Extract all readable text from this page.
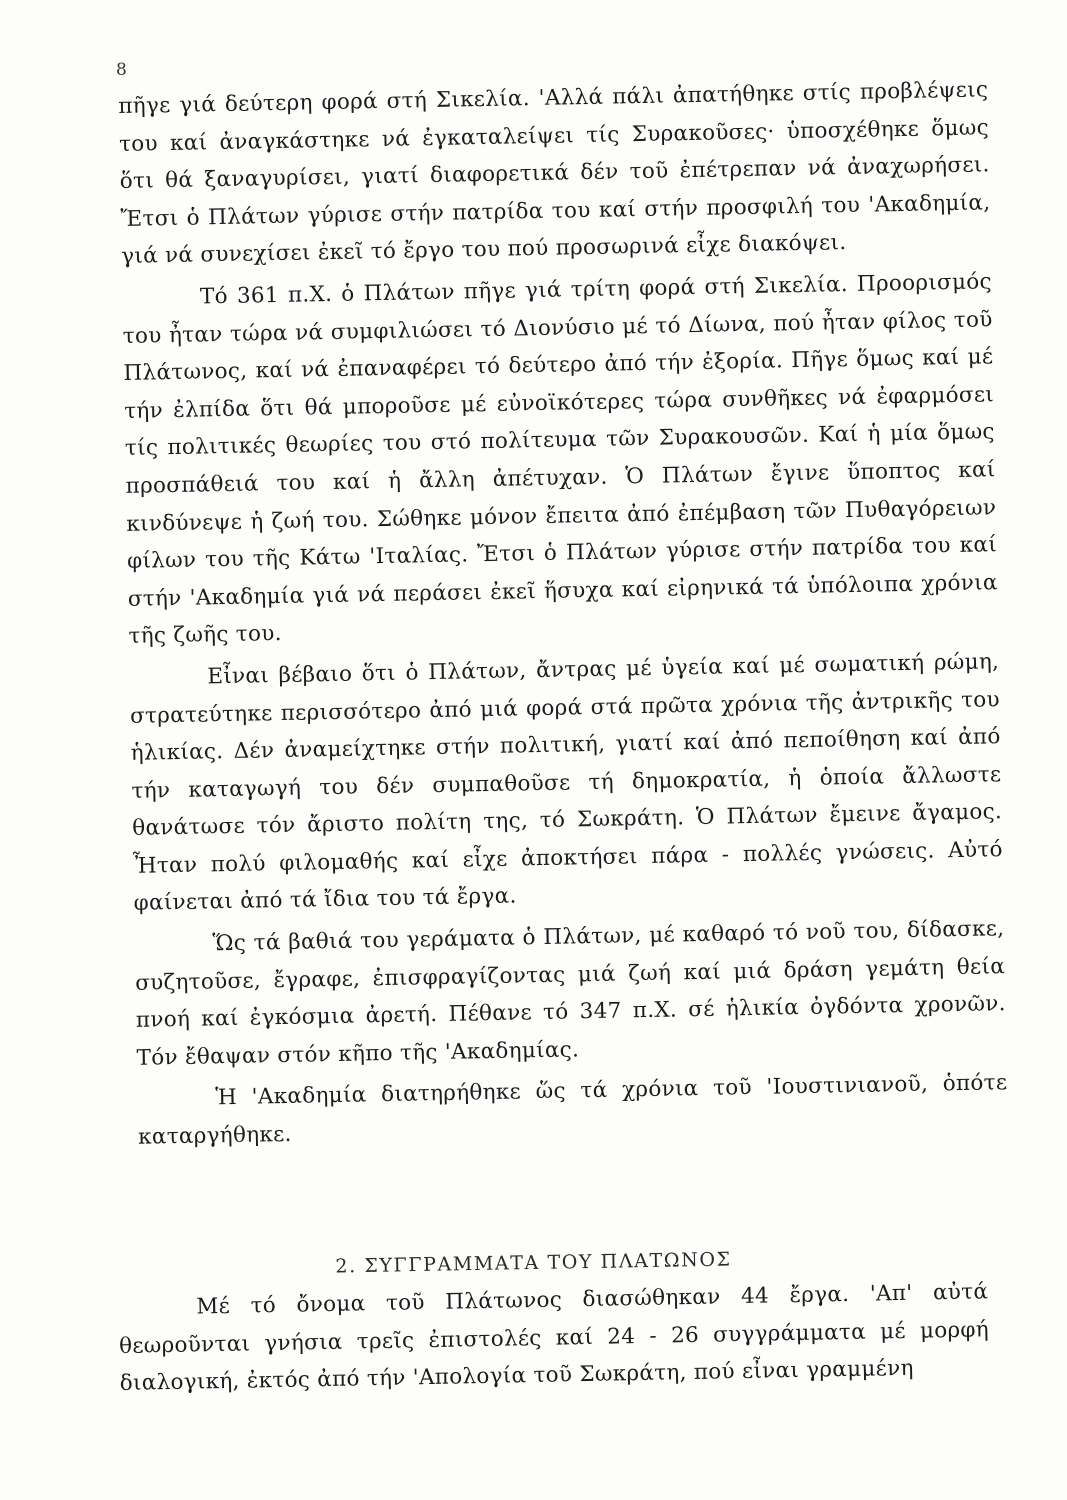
8

πῆγε γιά δεύτερη φορά στή Σικελία. 'Αλλά πάλι ἀπατήθηκε στίς προβλέψεις του καί ἀναγκάστηκε νά ἐγκαταλείψει τίς Συρακοῦσες· ὑποσχέθηκε ὅμως ὅτι θά ξαναγυρίσει, γιατί διαφορετικά δέν τοῦ ἐπέτρεπαν νά ἀναχωρήσει. Ἔτσι ὁ Πλάτων γύρισε στήν πατρίδα του καί στήν προσφιλή του 'Ακαδημία, γιά νά συνεχίσει ἐκεῖ τό ἔργο του πού προσωρινά εἶχε διακόψει.

Τό 361 π.Χ. ὁ Πλάτων πῆγε γιά τρίτη φορά στή Σικελία. Προορισμός του ἦταν τώρα νά συμφιλιώσει τό Διονύσιο μέ τό Δίωνα, πού ἦταν φίλος τοῦ Πλάτωνος, καί νά ἐπαναφέρει τό δεύτερο ἀπό τήν ἐξορία. Πῆγε ὅμως καί μέ τήν ἐλπίδα ὅτι θά μποροῦσε μέ εὐνοϊκότερες τώρα συνθῆκες νά ἐφαρμόσει τίς πολιτικές θεωρίες του στό πολίτευμα τῶν Συρακουσῶν. Καί ἡ μία ὅμως προσπάθειά του καί ἡ ἄλλη ἀπέτυχαν. Ὁ Πλάτων ἔγινε ὕποπτος καί κινδύνεψε ἡ ζωή του. Σώθηκε μόνον ἔπειτα ἀπό ἐπέμβαση τῶν Πυθαγόρειων φίλων του τῆς Κάτω 'Ιταλίας. Ἔτσι ὁ Πλάτων γύρισε στήν πατρίδα του καί στήν 'Ακαδημία γιά νά περάσει ἐκεῖ ἥσυχα καί εἰρηνικά τά ὑπόλοιπα χρόνια τῆς ζωῆς του.

Εἶναι βέβαιο ὅτι ὁ Πλάτων, ἄντρας μέ ὑγεία καί μέ σωματική ρώμη, στρατεύτηκε περισσότερο ἀπό μιά φορά στά πρῶτα χρόνια τῆς ἀντρικῆς του ἡλικίας. Δέν ἀναμείχτηκε στήν πολιτική, γιατί καί ἀπό πεποίθηση καί ἀπό τήν καταγωγή του δέν συμπαθοῦσε τή δημοκρατία, ἡ ὁποία ἄλλωστε θανάτωσε τόν ἄριστο πολίτη της, τό Σωκράτη. Ὁ Πλάτων ἔμεινε ἄγαμος. Ἦταν πολύ φιλομαθής καί εἶχε ἀποκτήσει πάρα - πολλές γνώσεις. Αὐτό φαίνεται ἀπό τά ἴδια του τά ἔργα.

Ὥς τά βαθιά του γεράματα ὁ Πλάτων, μέ καθαρό τό νοῦ του, δίδασκε, συζητοῦσε, ἔγραφε, ἐπισφραγίζοντας μιά ζωή καί μιά δράση γεμάτη θεία πνοή καί ἐγκόσμια ἀρετή. Πέθανε τό 347 π.Χ. σέ ἡλικία ὀγδόντα χρονῶν. Τόν ἔθαψαν στόν κῆπο τῆς 'Ακαδημίας.

Ἡ 'Ακαδημία διατηρήθηκε ὥς τά χρόνια τοῦ 'Ιουστινιανοῦ, ὁπότε καταργήθηκε.

2. ΣΥΓΓΡΑΜΜΑΤΑ ΤΟΥ ΠΛΑΤΩΝΟΣ

Μέ τό ὄνομα τοῦ Πλάτωνος διασώθηκαν 44 ἔργα. 'Απ' αὐτά θεωροῦνται γνήσια τρεῖς ἐπιστολές καί 24 - 26 συγγράμματα μέ μορφή διαλογική, ἐκτός ἀπό τήν 'Απολογία τοῦ Σωκράτη, πού εἶναι γραμμένη
